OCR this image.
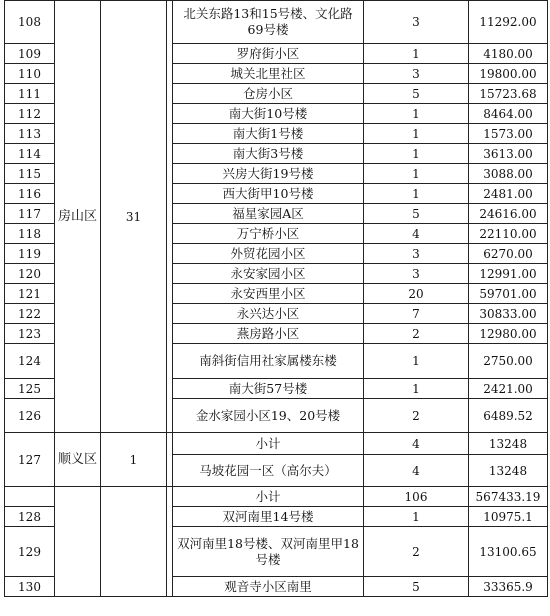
108	房山区	31		北关东路13和15号楼、文化路69号楼	3	11292.00
109				罗府街小区	1	4180.00
110				城关北里社区	3	19800.00
111				仓房小区	5	15723.68
112				南大街10号楼	1	8464.00
113				南大街1号楼	1	1573.00
114				南大街3号楼	1	3613.00
115				兴房大街19号楼	1	3088.00
116				西大街甲10号楼	1	2481.00
117				福星家园A区	5	24616.00
118				万宁桥小区	4	22110.00
119				外贸花园小区	3	6270.00
120				永安家园小区	3	12991.00
121				永安西里小区	20	59701.00
122				永兴达小区	7	30833.00
123				燕房路小区	2	12980.00
124				南斜街信用社家属楼东楼	1	2750.00
125				南大街57号楼	1	2421.00
126				金水家园小区19、20号楼	2	6489.52
127	顺义区	1		小计	4	13248
				马坡花园一区（高尔夫）	4	13248
				小计	106	567433.19
128				双河南里14号楼	1	10975.1
129				双河南里18号楼、双河南里甲18号楼	2	13100.65
130				观音寺小区南里	5	33365.9
